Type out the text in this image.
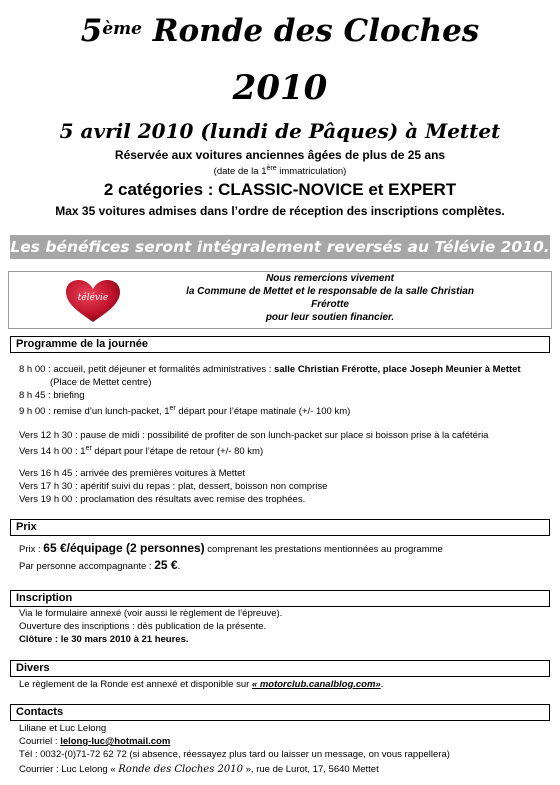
5ème Ronde des Cloches
2010
5 avril 2010 (lundi de Pâques) à Mettet
Réservée aux voitures anciennes âgées de plus de 25 ans
(date de la 1ère immatriculation)
2 catégories : CLASSIC-NOVICE et EXPERT
Max 35 voitures admises dans l’ordre de réception des inscriptions complètes.
Les bénéfices seront intégralement reversés au Télévie 2010.
télévie
Nous remercions vivement
la Commune de Mettet et le responsable de la salle Christian Frérotte
pour leur soutien financier.
Programme de la journée
8 h 00 : accueil, petit déjeuner et formalités administratives : salle Christian Frérotte, place Joseph Meunier à Mettet
(Place de Mettet centre)
8 h 45 : briefing
9 h 00 : remise d’un lunch-packet, 1er départ pour l’étape matinale (+/- 100 km)
Vers 12 h 30 : pause de midi : possibilité de profiter de son lunch-packet sur place si boisson prise à la cafétéria
Vers 14 h 00 : 1er départ pour l’étape de retour (+/- 80 km)
Vers 16 h 45 : arrivée des premières voitures à Mettet
Vers 17 h 30 : apéritif suivi du repas : plat, dessert, boisson non comprise
Vers 19 h 00 : proclamation des résultats avec remise des trophées.
Prix
Prix : 65 €/équipage (2 personnes) comprenant les prestations mentionnées au programme
Par personne accompagnante : 25 €.
Inscription
Via le formulaire annexé (voir aussi le règlement de l’épreuve).
Ouverture des inscriptions : dès publication de la présente.
Clôture : le 30 mars 2010 à 21 heures.
Divers
Le règlement de la Ronde est annexé et disponible sur « motorclub.canalblog.com».
Contacts
Liliane et Luc Lelong
Courriel : lelong-luc@hotmail.com
Tél : 0032-(0)71-72 62 72 (si absence, réessayez plus tard ou laisser un message, on vous rappellera)
Courrier : Luc Lelong « Ronde des Cloches 2010 », rue de Lurot, 17, 5640 Mettet
